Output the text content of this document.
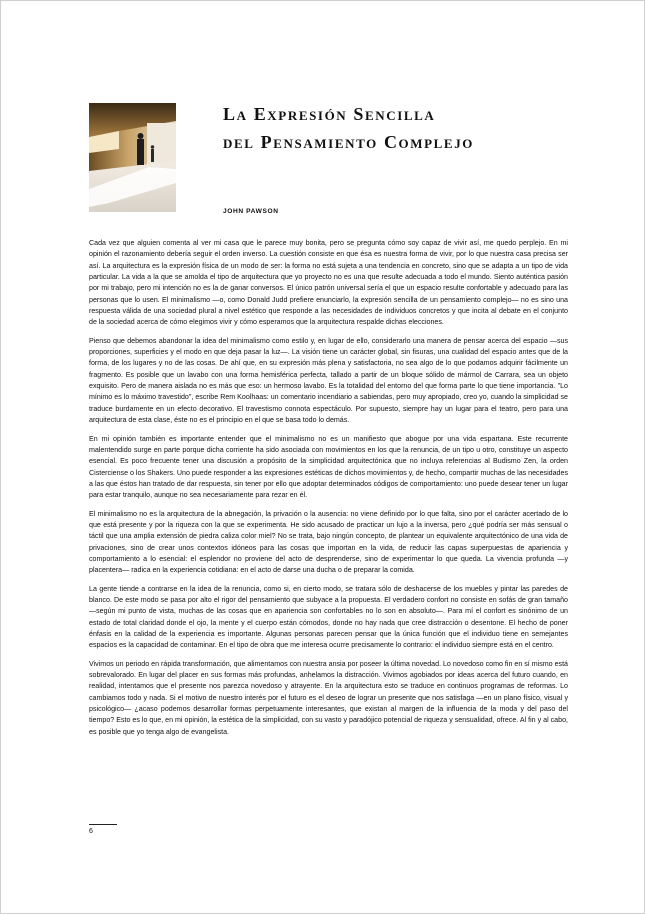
La Expresión Sencilla
del Pensamiento Complejo
JOHN PAWSON

Cada vez que alguien comenta al ver mi casa que le parece muy bonita, pero se pregunta cómo soy capaz de vivir así, me quedo perplejo. En mi opinión el razonamiento debería seguir el orden inverso. La cuestión consiste en que ésa es nuestra forma de vivir, por lo que nuestra casa precisa ser así. La arquitectura es la expresión física de un modo de ser: la forma no está sujeta a una tendencia en concreto, sino que se adapta a un tipo de vida particular. La vida a la que se amolda el tipo de arquitectura que yo proyecto no es una que resulte adecuada a todo el mundo. Siento auténtica pasión por mi trabajo, pero mi intención no es la de ganar conversos. El único patrón universal sería el que un espacio resulte confortable y adecuado para las personas que lo usen. El minimalismo —o, como Donald Judd prefiere enunciarlo, la expresión sencilla de un pensamiento complejo— no es sino una respuesta válida de una sociedad plural a nivel estético que responde a las necesidades de individuos concretos y que incita al debate en el conjunto de la sociedad acerca de cómo elegimos vivir y cómo esperamos que la arquitectura respalde dichas elecciones.

Pienso que debemos abandonar la idea del minimalismo como estilo y, en lugar de ello, considerarlo una manera de pensar acerca del espacio —sus proporciones, superficies y el modo en que deja pasar la luz—. La visión tiene un carácter global, sin fisuras, una cualidad del espacio antes que de la forma, de los lugares y no de las cosas. De ahí que, en su expresión más plena y satisfactoria, no sea algo de lo que podamos adquirir fácilmente un fragmento. Es posible que un lavabo con una forma hemisférica perfecta, tallado a partir de un bloque sólido de mármol de Carrara, sea un objeto exquisito. Pero de manera aislada no es más que eso: un hermoso lavabo. Es la totalidad del entorno del que forma parte lo que tiene importancia. "Lo mínimo es lo máximo travestido", escribe Rem Koolhaas: un comentario incendiario a sabiendas, pero muy apropiado, creo yo, cuando la simplicidad se traduce burdamente en un efecto decorativo. El travestismo connota espectáculo. Por supuesto, siempre hay un lugar para el teatro, pero para una arquitectura de esta clase, éste no es el principio en el que se basa todo lo demás.

En mi opinión también es importante entender que el minimalismo no es un manifiesto que abogue por una vida espartana. Este recurrente malentendido surge en parte porque dicha corriente ha sido asociada con movimientos en los que la renuncia, de un tipo u otro, constituye un aspecto esencial. Es poco frecuente tener una discusión a propósito de la simplicidad arquitectónica que no incluya referencias al Budismo Zen, la orden Cisterciense o los Shakers. Uno puede responder a las expresiones estéticas de dichos movimientos y, de hecho, compartir muchas de las necesidades a las que éstos han tratado de dar respuesta, sin tener por ello que adoptar determinados códigos de comportamiento: uno puede desear tener un lugar para estar tranquilo, aunque no sea necesariamente para rezar en él.

El minimalismo no es la arquitectura de la abnegación, la privación o la ausencia: no viene definido por lo que falta, sino por el carácter acertado de lo que está presente y por la riqueza con la que se experimenta. He sido acusado de practicar un lujo a la inversa, pero ¿qué podría ser más sensual o táctil que una amplia extensión de piedra caliza color miel? No se trata, bajo ningún concepto, de plantear un equivalente arquitectónico de una vida de privaciones, sino de crear unos contextos idóneos para las cosas que importan en la vida, de reducir las capas superpuestas de apariencia y comportamiento a lo esencial: el esplendor no proviene del acto de desprenderse, sino de experimentar lo que queda. La vivencia profunda —y placentera— radica en la experiencia cotidiana: en el acto de darse una ducha o de preparar la comida.

La gente tiende a contrarse en la idea de la renuncia, como si, en cierto modo, se tratara sólo de deshacerse de los muebles y pintar las paredes de blanco. De este modo se pasa por alto el rigor del pensamiento que subyace a la propuesta. El verdadero confort no consiste en sofás de gran tamaño —según mi punto de vista, muchas de las cosas que en apariencia son confortables no lo son en absoluto—. Para mí el confort es sinónimo de un estado de total claridad donde el ojo, la mente y el cuerpo están cómodos, donde no hay nada que cree distracción o desentone. El hecho de poner énfasis en la calidad de la experiencia es importante. Algunas personas parecen pensar que la única función que el individuo tiene en semejantes espacios es la capacidad de contaminar. En el tipo de obra que me interesa ocurre precisamente lo contrario: el individuo siempre está en el centro.

Vivimos un periodo en rápida transformación, que alimentamos con nuestra ansia por poseer la última novedad. Lo novedoso como fin en sí mismo está sobrevalorado. En lugar del placer en sus formas más profundas, anhelamos la distracción. Vivimos agobiados por ideas acerca del futuro cuando, en realidad, intentamos que el presente nos parezca novedoso y atrayente. En la arquitectura esto se traduce en continuos programas de reformas. Lo cambiamos todo y nada. Si el motivo de nuestro interés por el futuro es el deseo de lograr un presente que nos satisfaga —en un plano físico, visual y psicológico— ¿acaso podemos desarrollar formas perpetuamente interesantes, que existan al margen de la influencia de la moda y del paso del tiempo? Esto es lo que, en mi opinión, la estética de la simplicidad, con su vasto y paradójico potencial de riqueza y sensualidad, ofrece. Al fin y al cabo, es posible que yo tenga algo de evangelista.

6
